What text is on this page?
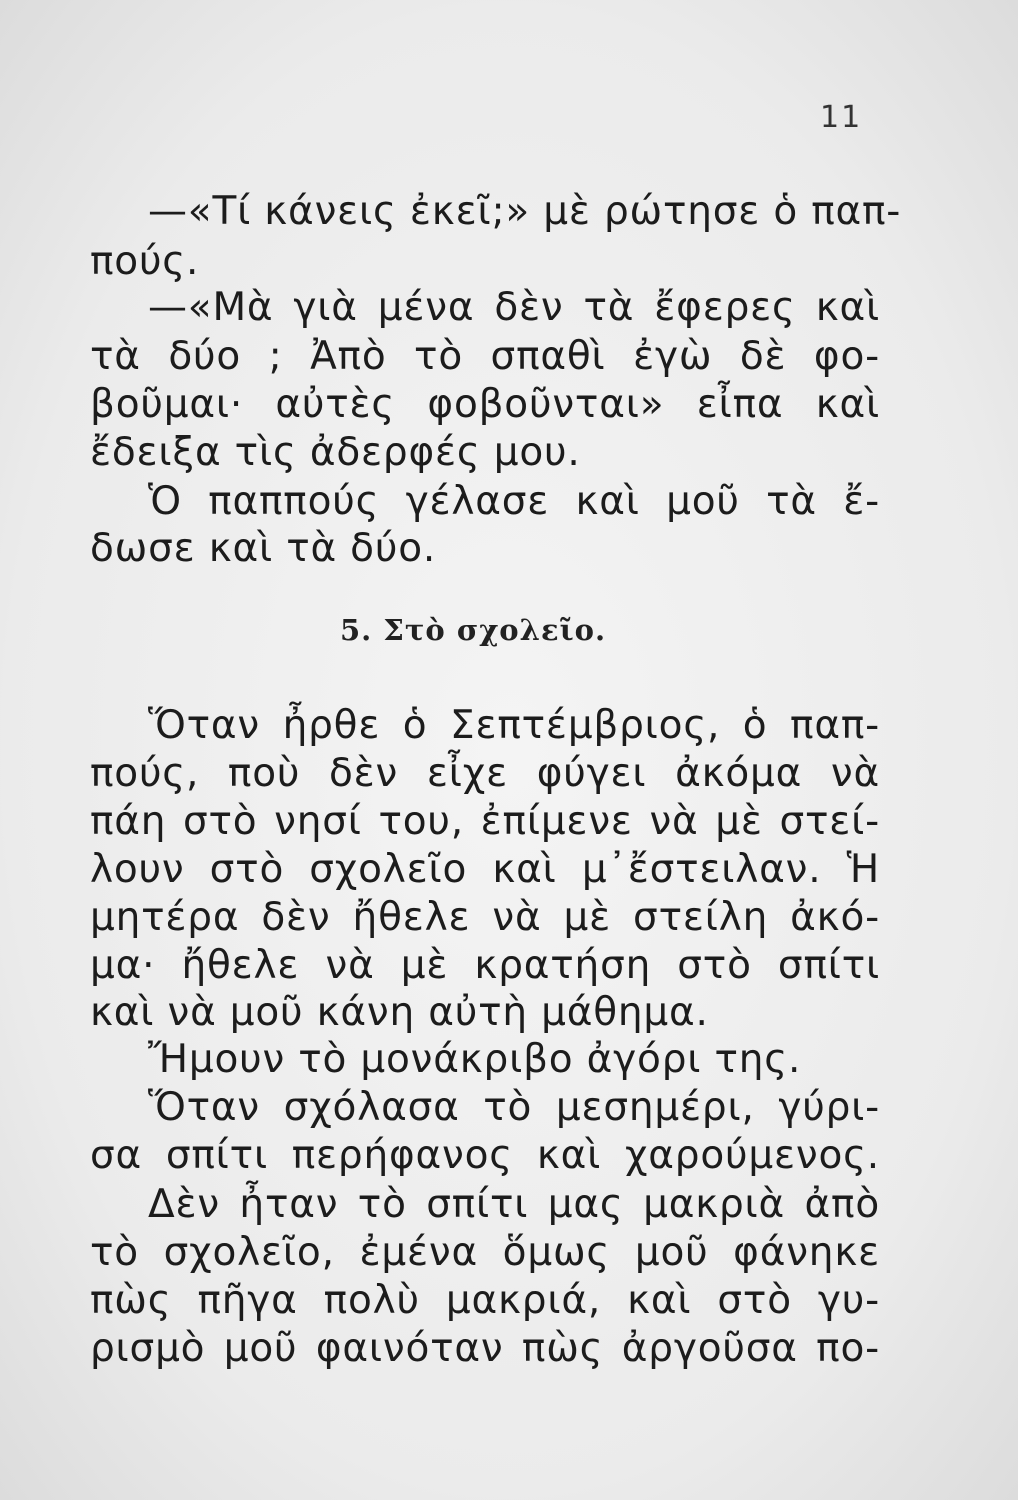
11
—«Τί κάνεις ἐκεῖ;» μὲ ρώτησε ὁ παπ-
πούς.
—«Μὰ γιὰ μένα δὲν τὰ ἔφερες καὶ
τὰ δύο ; Ἀπὸ τὸ σπαθὶ ἐγὼ δὲ φο-
βοῦμαι· αὐτὲς φοβοῦνται» εἶπα καὶ
ἔδειξα τὶς ἀδερφές μου.
Ὁ παππούς γέλασε καὶ μοῦ τὰ ἔ-
δωσε καὶ τὰ δύο.
5. Στὸ σχολεῖο.
Ὅταν ἦρθε ὁ Σεπτέμβριος, ὁ παπ-
πούς, ποὺ δὲν εἶχε φύγει ἀκόμα νὰ
πάη στὸ νησί του, ἐπίμενε νὰ μὲ στεί-
λουν στὸ σχολεῖο καὶ μ᾿ἔστειλαν. Ἡ
μητέρα δὲν ἤθελε νὰ μὲ στείλη ἀκό-
μα· ἤθελε νὰ μὲ κρατήση στὸ σπίτι
καὶ νὰ μοῦ κάνη αὐτὴ μάθημα.
Ἤμουν τὸ μονάκριβο ἀγόρι της.
Ὅταν σχόλασα τὸ μεσημέρι, γύρι-
σα σπίτι περήφανος καὶ χαρούμενος.
Δὲν ἦταν τὸ σπίτι μας μακριὰ ἀπὸ
τὸ σχολεῖο, ἐμένα ὅμως μοῦ φάνηκε
πὼς πῆγα πολὺ μακριά, καὶ στὸ γυ-
ρισμὸ μοῦ φαινόταν πὼς ἀργοῦσα πο-
